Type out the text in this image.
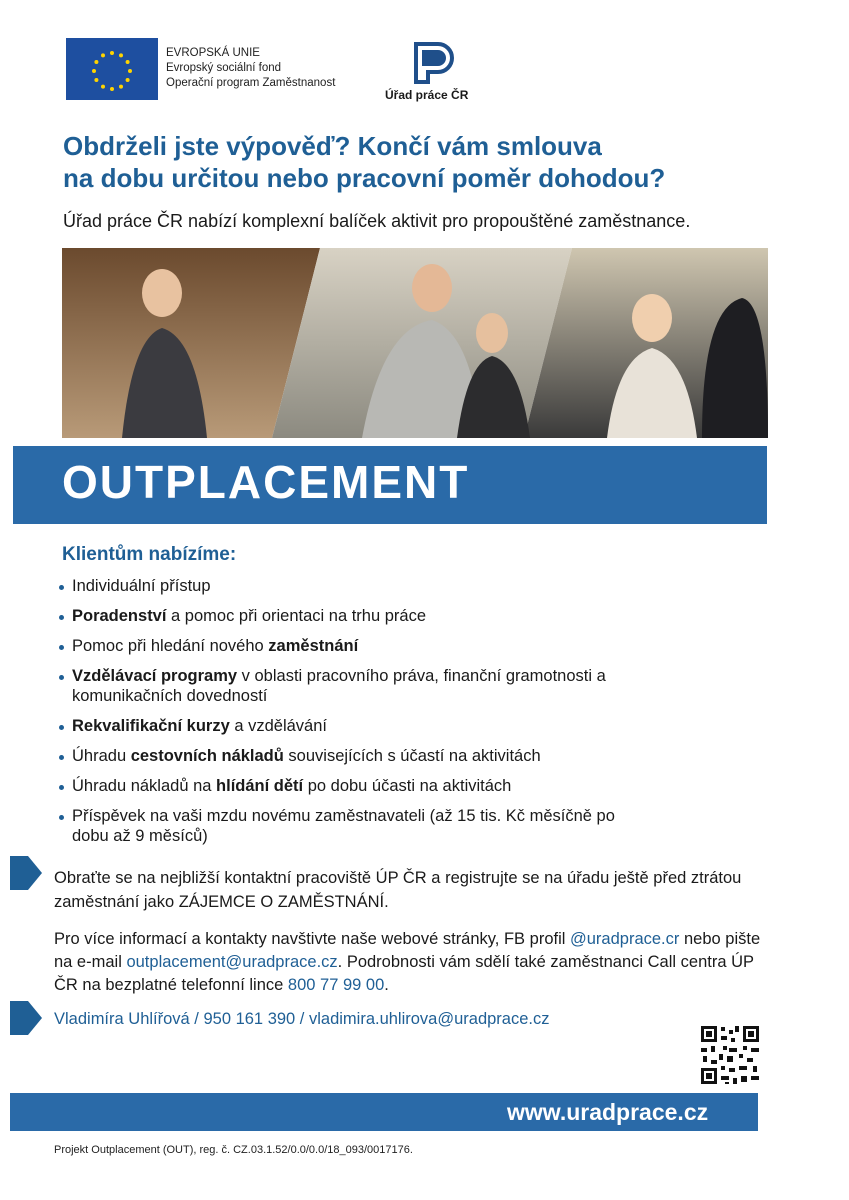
EVROPSKÁ UNIE
Evropský sociální fond
Operační program Zaměstnanost
Úřad práce ČR
Obdrželi jste výpověď? Končí vám smlouva
na dobu určitou nebo pracovní poměr dohodou?
Úřad práce ČR nabízí komplexní balíček aktivit pro propouštěné zaměstnance.
OUTPLACEMENT
Klientům nabízíme:
Individuální přístup
Poradenství a pomoc při orientaci na trhu práce
Pomoc při hledání nového zaměstnání
Vzdělávací programy v oblasti pracovního práva, finanční gramotnosti a komunikačních dovedností
Rekvalifikační kurzy a vzdělávání
Úhradu cestovních nákladů souvisejících s účastí na aktivitách
Úhradu nákladů na hlídání dětí po dobu účasti na aktivitách
Příspěvek na vaši mzdu novému zaměstnavateli (až 15 tis. Kč měsíčně po dobu až 9 měsíců)
Obraťte se na nejbližší kontaktní pracoviště ÚP ČR a registrujte se na úřadu ještě před ztrátou zaměstnání jako ZÁJEMCE O ZAMĚSTNÁNÍ.
Pro více informací a kontakty navštivte naše webové stránky, FB profil @uradprace.cr nebo pište na e-mail outplacement@uradprace.cz. Podrobnosti vám sdělí také zaměstnanci Call centra ÚP ČR na bezplatné telefonní lince 800 77 99 00.
Vladimíra Uhlířová / 950 161 390 / vladimira.uhlirova@uradprace.cz
www.uradprace.cz
Projekt Outplacement (OUT), reg. č. CZ.03.1.52/0.0/0.0/18_093/0017176.
